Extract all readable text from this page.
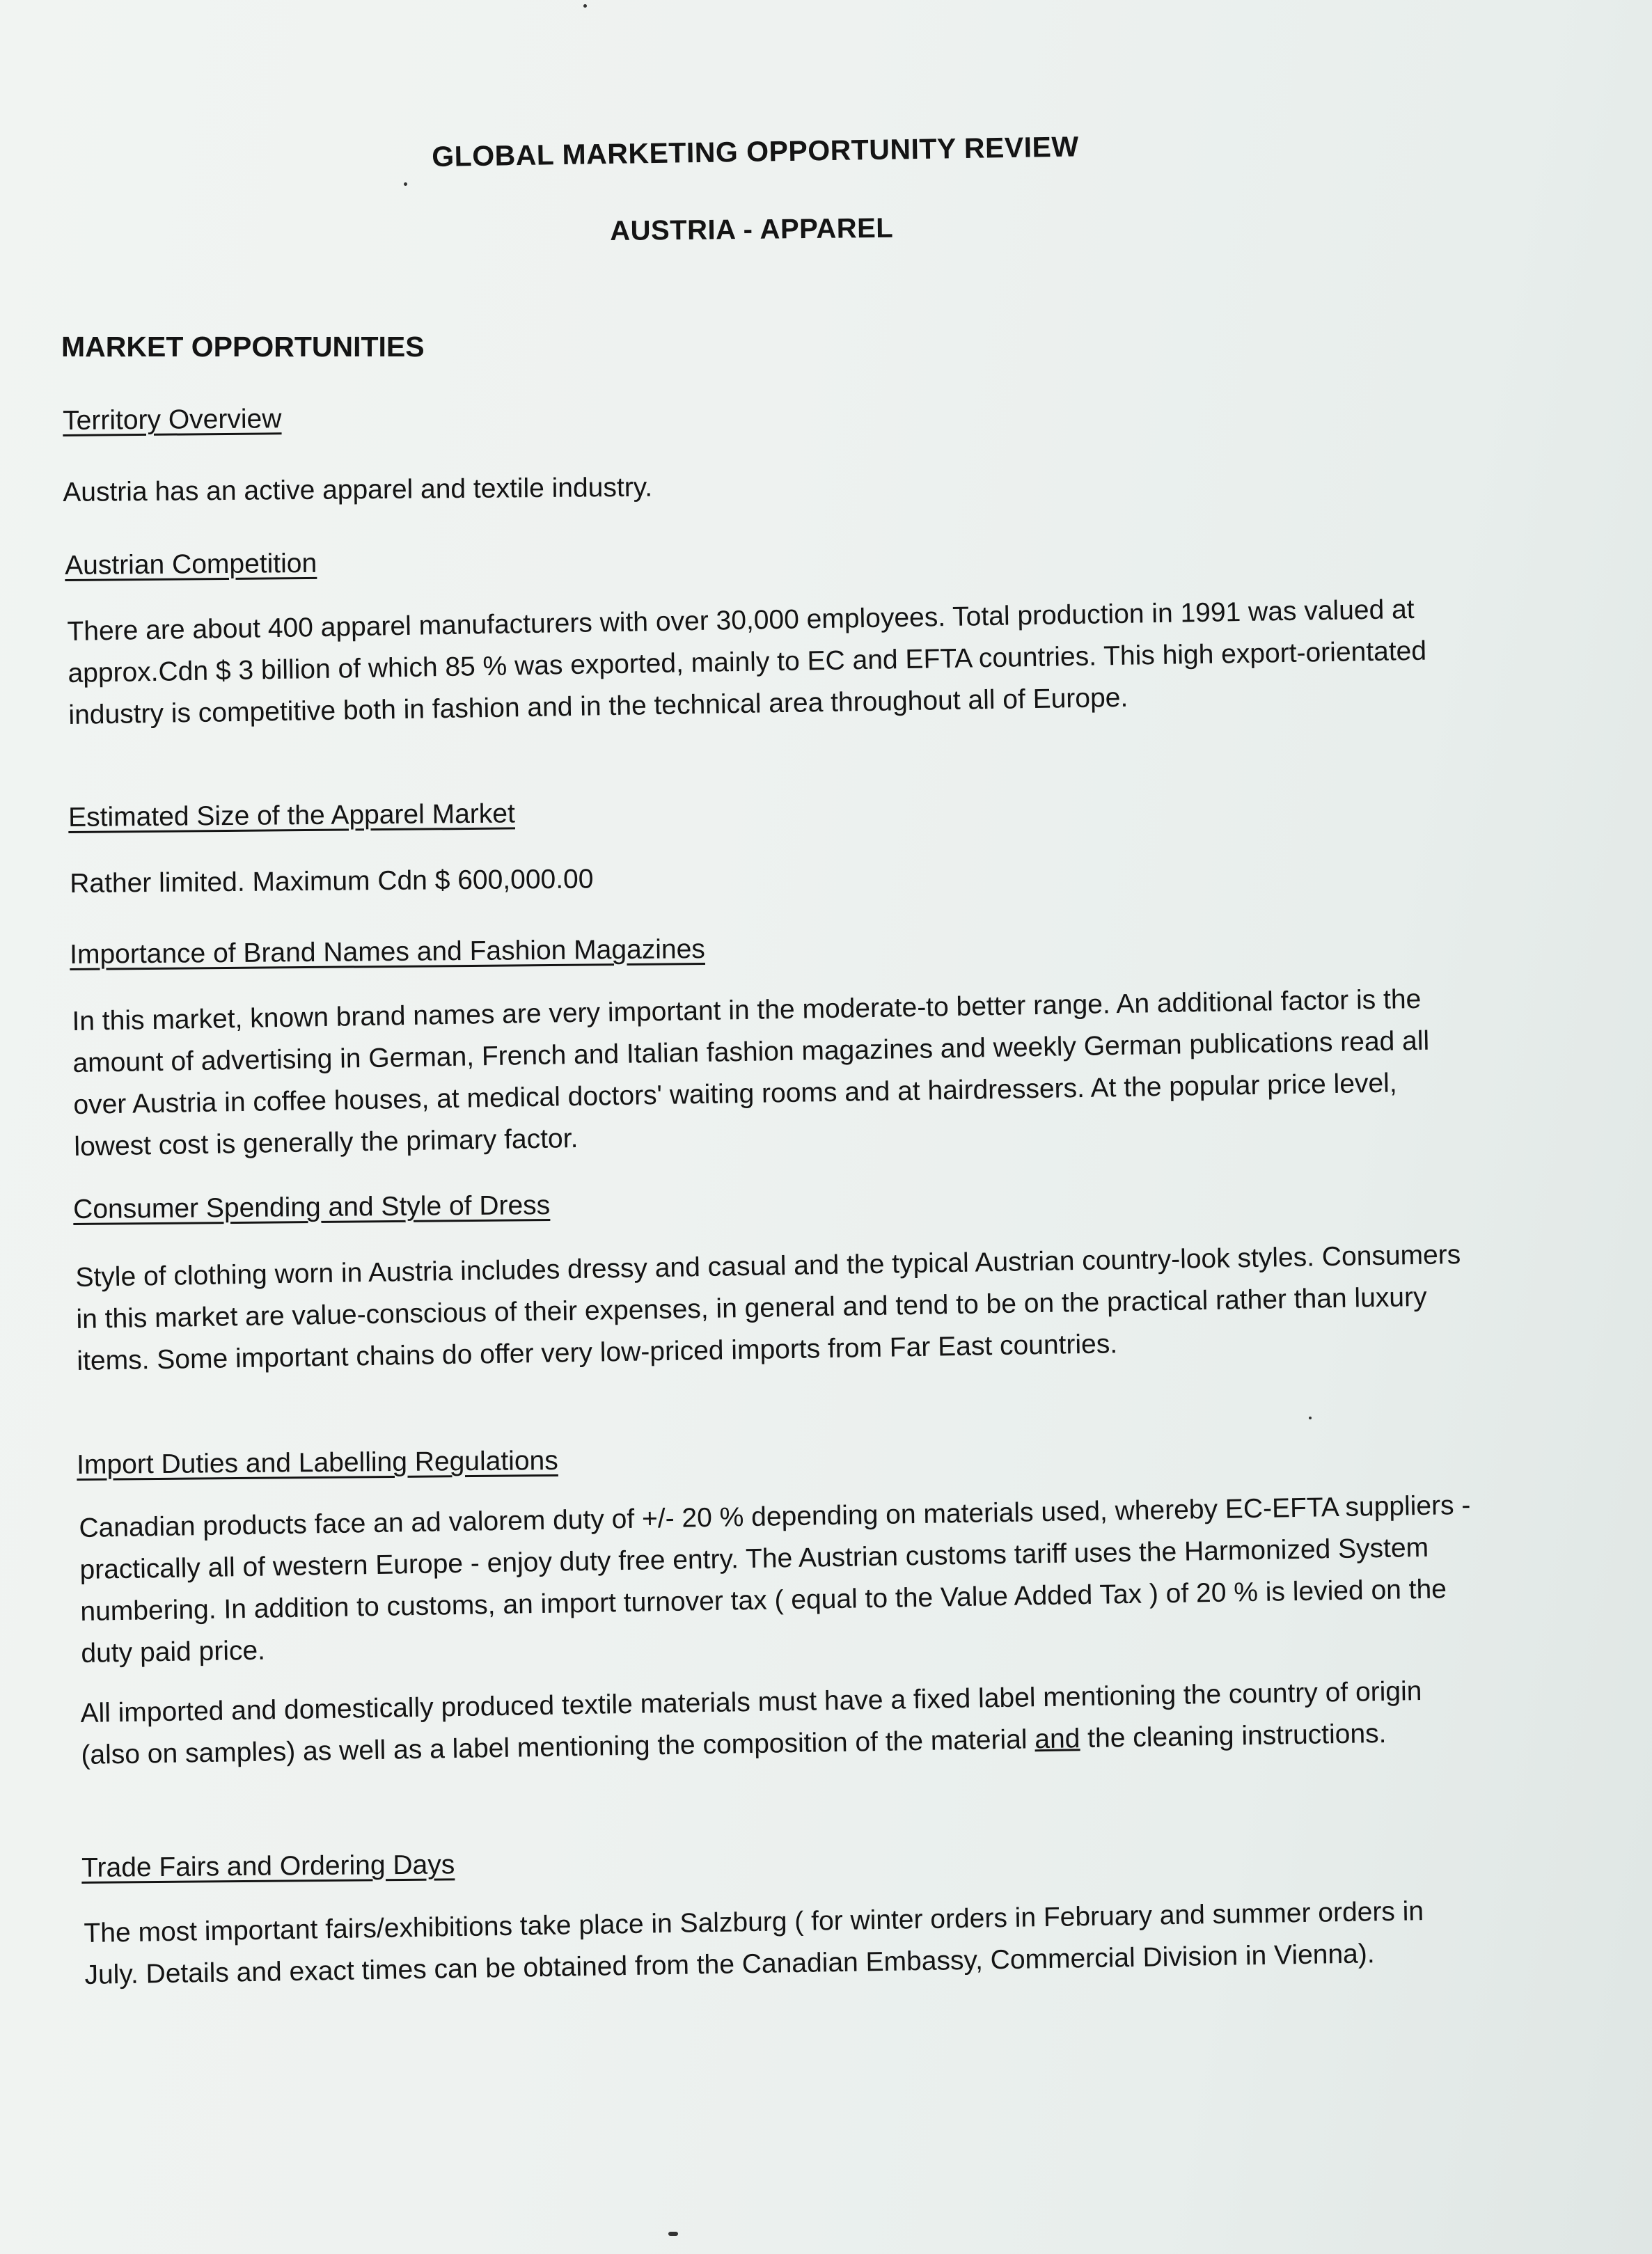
GLOBAL MARKETING OPPORTUNITY REVIEW
AUSTRIA - APPAREL
MARKET OPPORTUNITIES
Territory Overview
Austria has an active apparel and textile industry.
Austrian Competition
There are about 400 apparel manufacturers with over 30,000 employees. Total production in 1991 was valued at approx.Cdn $ 3 billion of which 85 % was exported, mainly to EC and EFTA countries. This high export-orientated industry is competitive both in fashion and in the technical area throughout all of Europe.
Estimated Size of the Apparel Market
Rather limited. Maximum Cdn $ 600,000.00
Importance of Brand Names and Fashion Magazines
In this market, known brand names are very important in the moderate-to better range. An additional factor is the amount of advertising in German, French and Italian fashion magazines and weekly German publications read all over Austria in coffee houses, at medical doctors' waiting rooms and at hairdressers. At the popular price level, lowest cost is generally the primary factor.
Consumer Spending and Style of Dress
Style of clothing worn in Austria includes dressy and casual and the typical Austrian country-look styles. Consumers in this market are value-conscious of their expenses, in general and tend to be on the practical rather than luxury items. Some important chains do offer very low-priced imports from Far East countries.
Import Duties and Labelling Regulations
Canadian products face an ad valorem duty of +/- 20 % depending on materials used, whereby EC-EFTA suppliers - practically all of western Europe - enjoy duty free entry. The Austrian customs tariff uses the Harmonized System numbering. In addition to customs, an import turnover tax ( equal to the Value Added Tax ) of 20 % is levied on the duty paid price.
All imported and domestically produced textile materials must have a fixed label mentioning the country of origin (also on samples) as well as a label mentioning the composition of the material and the cleaning instructions.
Trade Fairs and Ordering Days
The most important fairs/exhibitions take place in Salzburg ( for winter orders in February and summer orders in July. Details and exact times can be obtained from the Canadian Embassy, Commercial Division in Vienna).
